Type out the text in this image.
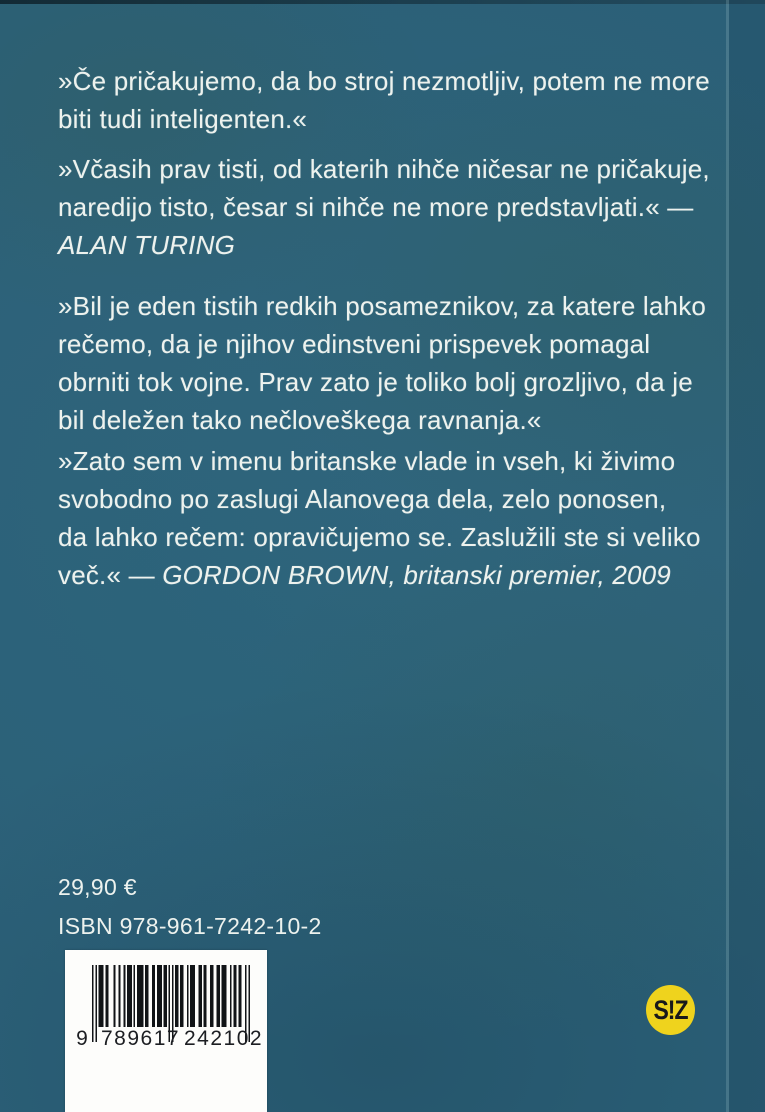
»Če pričakujemo, da bo stroj nezmotljiv, potem ne more
biti tudi inteligenten.«
»Včasih prav tisti, od katerih nihče ničesar ne pričakuje,
naredijo tisto, česar si nihče ne more predstavljati.« —
ALAN TURING
»Bil je eden tistih redkih posameznikov, za katere lahko
rečemo, da je njihov edinstveni prispevek pomagal
obrniti tok vojne. Prav zato je toliko bolj grozljivo, da je
bil deležen tako nečloveškega ravnanja.«
»Zato sem v imenu britanske vlade in vseh, ki živimo
svobodno po zaslugi Alanovega dela, zelo ponosen,
da lahko rečem: opravičujemo se. Zaslužili ste si veliko
več.« — GORDON BROWN, britanski premier, 2009
29,90 €
ISBN 978-961-7242-10-2
9 789617 242102
S!Z
